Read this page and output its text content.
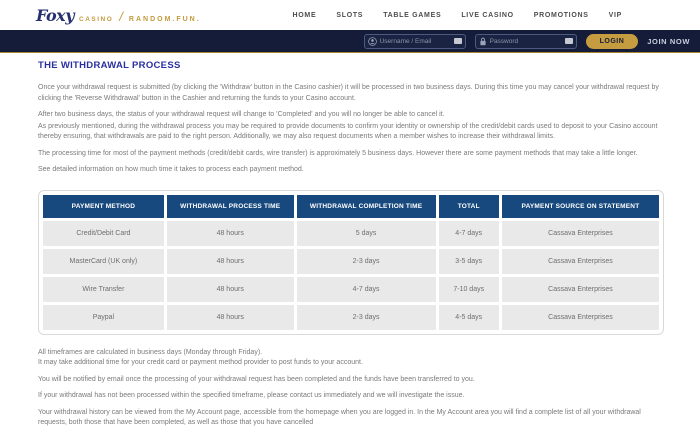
Foxy CASINO / RANDOM.FUN.
HOME	SLOTS	TABLE GAMES	LIVE CASINO	PROMOTIONS	VIP
Username / Email
LOGIN	JOIN NOW
THE WITHDRAWAL PROCESS

Once your withdrawal request is submitted (by clicking the 'Withdraw' button in the Casino cashier) it will be processed in two business days. During this time you may cancel your withdrawal request by clicking the 'Reverse Withdrawal' button in the Cashier and returning the funds to your Casino account.

After two business days, the status of your withdrawal request will change to 'Completed' and you will no longer be able to cancel it.

As previously mentioned, during the withdrawal process you may be required to provide documents to confirm your identity or ownership of the credit/debit cards used to deposit to your Casino account thereby ensuring, that withdrawals are paid to the right person. Additionally, we may also request documents when a member wishes to increase their withdrawal limits.

The processing time for most of the payment methods (credit/debit cards, wire transfer) is approximately 5 business days. However there are some payment methods that may take a little longer.

See detailed information on how much time it takes to process each payment method.

PAYMENT METHOD	WITHDRAWAL PROCESS TIME	WITHDRAWAL COMPLETION TIME	TOTAL	PAYMENT SOURCE ON STATEMENT
Credit/Debit Card	48 hours	5 days	4-7 days	Cassava Enterprises
MasterCard (UK only)	48 hours	2-3 days	3-5 days	Cassava Enterprises
Wire Transfer	48 hours	4-7 days	7-10 days	Cassava Enterprises
Paypal	48 hours	2-3 days	4-5 days	Cassava Enterprises

All timeframes are calculated in business days (Monday through Friday).

It may take additional time for your credit card or payment method provider to post funds to your account.

You will be notified by email once the processing of your withdrawal request has been completed and the funds have been transferred to you.

If your withdrawal has not been processed within the specified timeframe, please contact us immediately and we will investigate the issue.

Your withdrawal history can be viewed from the My Account page, accessible from the homepage when you are logged in. In the My Account area you will find a complete list of all your withdrawal requests, both those that have been completed, as well as those that you have cancelled
